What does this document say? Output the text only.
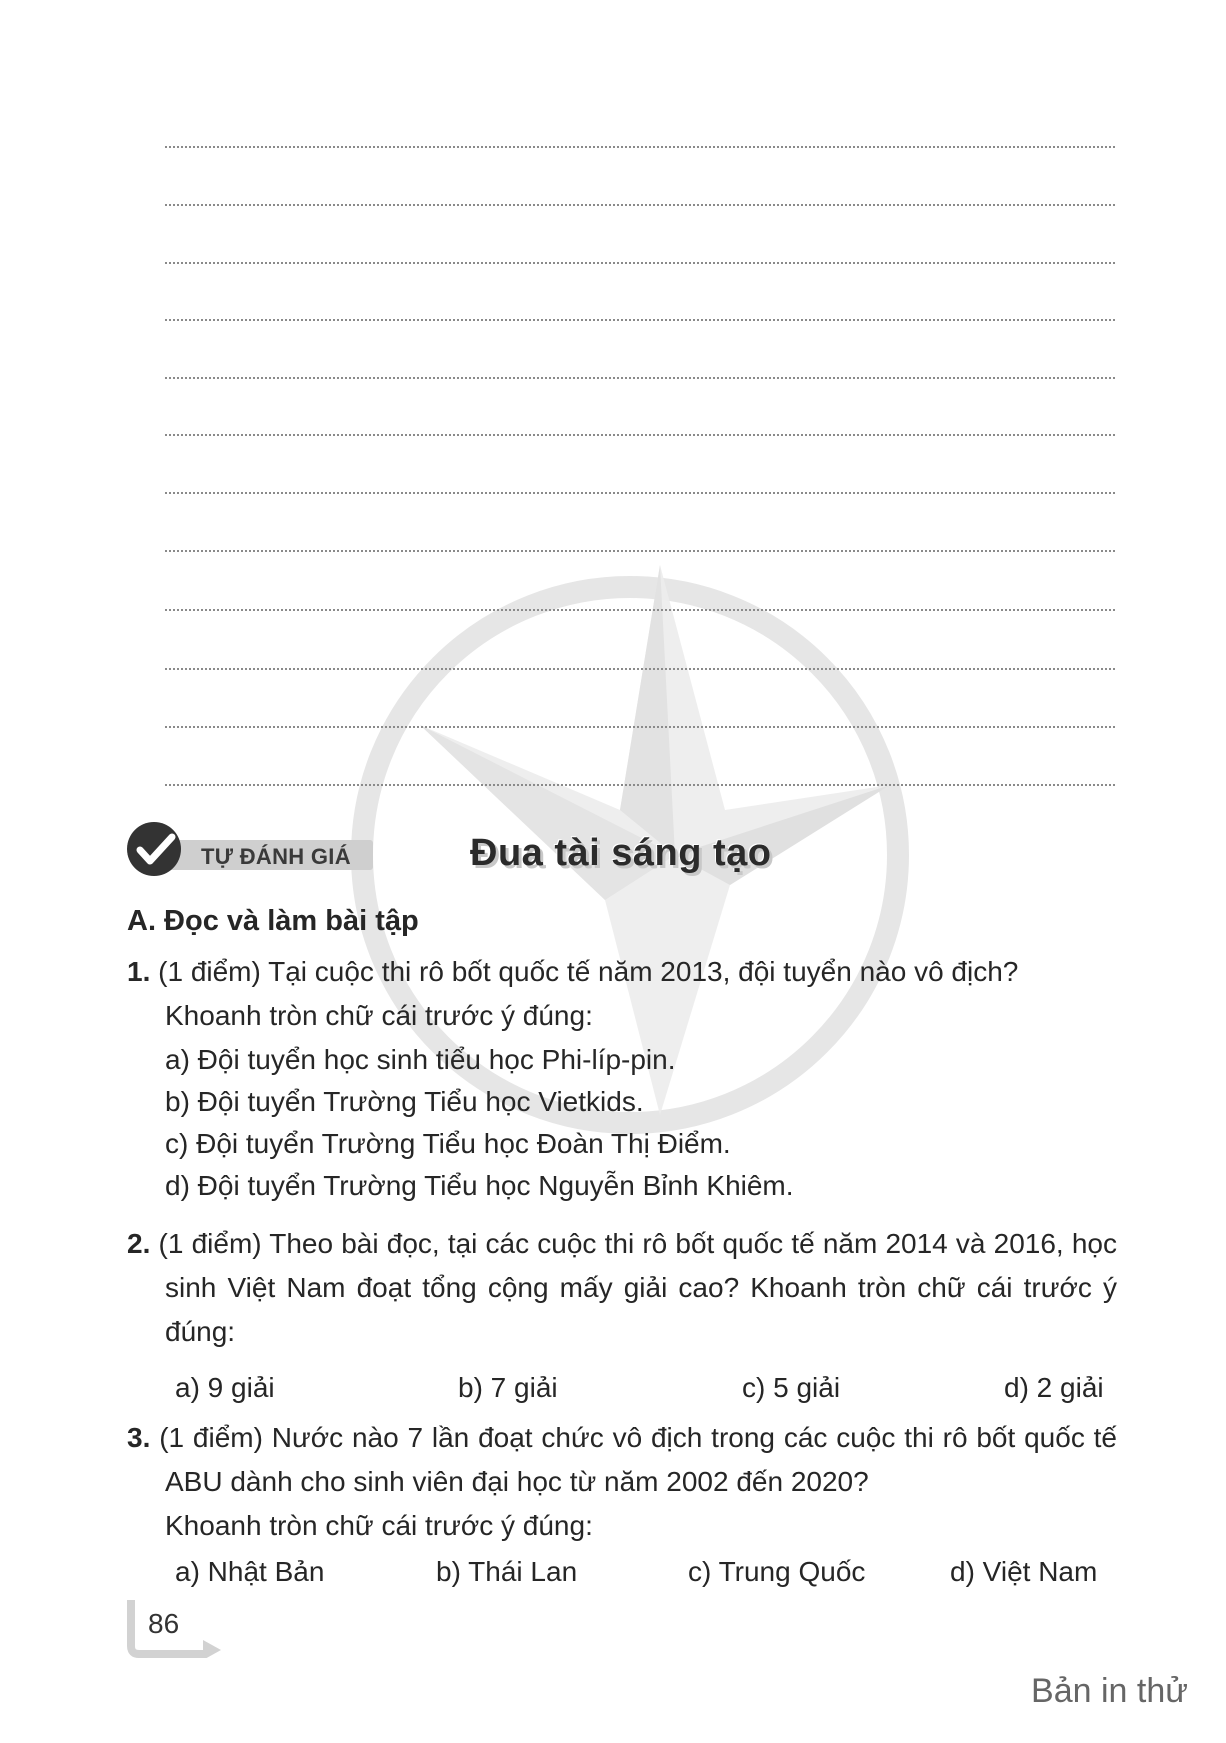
TỰ ĐÁNH GIÁ	Đua tài sáng tạo
A. Đọc và làm bài tập
1. (1 điểm) Tại cuộc thi rô bốt quốc tế năm 2013, đội tuyển nào vô địch?
Khoanh tròn chữ cái trước ý đúng:
a) Đội tuyển học sinh tiểu học Phi-líp-pin.
b) Đội tuyển Trường Tiểu học Vietkids.
c) Đội tuyển Trường Tiểu học Đoàn Thị Điểm.
d) Đội tuyển Trường Tiểu học Nguyễn Bỉnh Khiêm.
2. (1 điểm) Theo bài đọc, tại các cuộc thi rô bốt quốc tế năm 2014 và 2016, học sinh Việt Nam đoạt tổng cộng mấy giải cao? Khoanh tròn chữ cái trước ý đúng:
a) 9 giải	b) 7 giải	c) 5 giải	d) 2 giải
3. (1 điểm) Nước nào 7 lần đoạt chức vô địch trong các cuộc thi rô bốt quốc tế ABU dành cho sinh viên đại học từ năm 2002 đến 2020?
Khoanh tròn chữ cái trước ý đúng:
a) Nhật Bản	b) Thái Lan	c) Trung Quốc	d) Việt Nam
86
Bản in thử
